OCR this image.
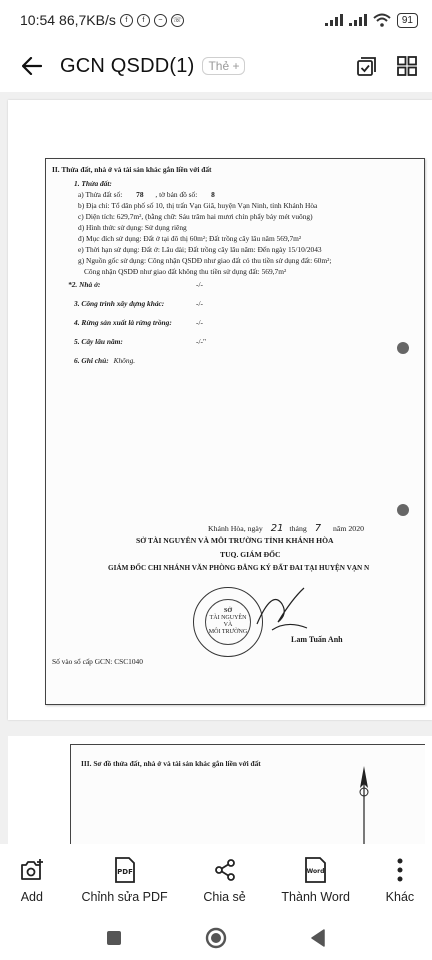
10:54 86,7KB/s	f	f	~	☏	91
GCN QSDD(1)	Thẻ +
II. Thửa đất, nhà ở và tài sản khác gắn liền với đất
1. Thửa đất:
a) Thửa đất số: 78 , tờ bản đồ số: 8
b) Địa chỉ: Tổ dân phố số 10, thị trấn Vạn Giã, huyện Vạn Ninh, tỉnh Khánh Hòa
c) Diện tích: 629,7m², (bằng chữ: Sáu trăm hai mươi chín phẩy bảy mét vuông)
d) Hình thức sử dụng: Sử dụng riêng
đ) Mục đích sử dụng: Đất ở tại đô thị 60m²; Đất trồng cây lâu năm 569,7m²
e) Thời hạn sử dụng: Đất ở: Lâu dài; Đất trồng cây lâu năm: Đến ngày 15/10/2043
g) Nguồn gốc sử dụng: Công nhận QSDĐ như giao đất có thu tiền sử dụng đất: 60m²;
Công nhận QSDĐ như giao đất không thu tiền sử dụng đất: 569,7m²
*2. Nhà ở:	-/-
3. Công trình xây dựng khác:	-/-
4. Rừng sản xuất là rừng trồng:	-/-
5. Cây lâu năm:	-/-"
6. Ghi chú: Không.
Khánh Hòa, ngày 21 tháng 7 năm 2020
SỞ TÀI NGUYÊN VÀ MÔI TRƯỜNG TỈNH KHÁNH HÒA
TUQ. GIÁM ĐỐC
GIÁM ĐỐC CHI NHÁNH VĂN PHÒNG ĐĂNG KÝ ĐẤT ĐAI TẠI HUYỆN VẠN N
SỞ
TÀI NGUYÊN
VÀ
MÔI TRƯỜNG
Lam Tuấn Anh
Số vào sổ cấp GCN: CSC1040
III. Sơ đồ thửa đất, nhà ở và tài sản khác gắn liền với đất
Add
PDF
Chỉnh sửa PDF	Chia sẻ
Word
Thành Word	Khác
